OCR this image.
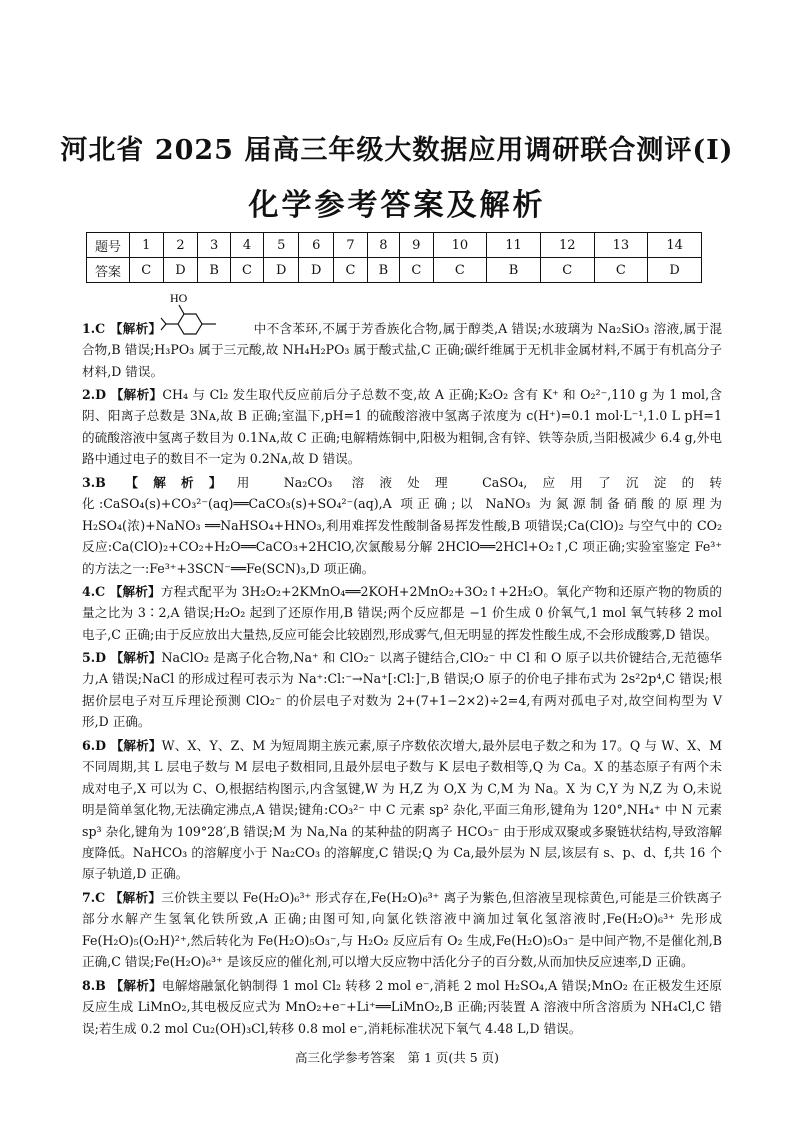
河北省 2025 届高三年级大数据应用调研联合测评(Ⅰ)
化学参考答案及解析
题号	1	2	3	4	5	6	7	8	9	10	11	12	13	14
答案	C	D	B	C	D	D	C	B	C	C	B	C	C	D
HO

1.C 【解析】	中不含苯环,不属于芳香族化合物,属于醇类,A 错误;水玻璃为 Na₂SiO₃ 溶液,属于混合物,B 错误;H₃PO₃ 属于三元酸,故 NH₄H₂PO₃ 属于酸式盐,C 正确;碳纤维属于无机非金属材料,不属于有机高分子材料,D 错误。

2.D 【解析】CH₄ 与 Cl₂ 发生取代反应前后分子总数不变,故 A 正确;K₂O₂ 含有 K⁺ 和 O₂²⁻,110 g 为 1 mol,含阴、阳离子总数是 3Nᴀ,故 B 正确;室温下,pH=1 的硫酸溶液中氢离子浓度为 c(H⁺)=0.1 mol·L⁻¹,1.0 L pH=1 的硫酸溶液中氢离子数目为 0.1Nᴀ,故 C 正确;电解精炼铜中,阳极为粗铜,含有锌、铁等杂质,当阳极减少 6.4 g,外电路中通过电子的数目不一定为 0.2Nᴀ,故 D 错误。

3.B 【解析】用 Na₂CO₃ 溶液处理 CaSO₄,应用了沉淀的转化:CaSO₄(s)+CO₃²⁻(aq)══CaCO₃(s)+SO₄²⁻(aq),A 项正确;以 NaNO₃ 为氮源制备硝酸的原理为 H₂SO₄(浓)+NaNO₃ ══NaHSO₄+HNO₃,利用难挥发性酸制备易挥发性酸,B 项错误;Ca(ClO)₂ 与空气中的 CO₂ 反应:Ca(ClO)₂+CO₂+H₂O══CaCO₃+2HClO,次氯酸易分解 2HClO══2HCl+O₂↑,C 项正确;实验室鉴定 Fe³⁺ 的方法之一:Fe³⁺+3SCN⁻══Fe(SCN)₃,D 项正确。

4.C 【解析】方程式配平为 3H₂O₂+2KMnO₄══2KOH+2MnO₂+3O₂↑+2H₂O。氧化产物和还原产物的物质的量之比为 3∶2,A 错误;H₂O₂ 起到了还原作用,B 错误;两个反应都是 −1 价生成 0 价氧气,1 mol 氧气转移 2 mol 电子,C 正确;由于反应放出大量热,反应可能会比较剧烈,形成雾气,但无明显的挥发性酸生成,不会形成酸雾,D 错误。

5.D 【解析】NaClO₂ 是离子化合物,Na⁺ 和 ClO₂⁻ 以离子键结合,ClO₂⁻ 中 Cl 和 O 原子以共价键结合,无范德华力,A 错误;NaCl 的形成过程可表示为 Na⁺:Cl:⁻→Na⁺[:Cl:]⁻,B 错误;O 原子的价电子排布式为 2s²2p⁴,C 错误;根据价层电子对互斥理论预测 ClO₂⁻ 的价层电子对数为 2+(7+1−2×2)÷2=4,有两对孤电子对,故空间构型为 V 形,D 正确。

6.D 【解析】W、X、Y、Z、M 为短周期主族元素,原子序数依次增大,最外层电子数之和为 17。Q 与 W、X、M 不同周期,其 L 层电子数与 M 层电子数相同,且最外层电子数与 K 层电子数相等,Q 为 Ca。X 的基态原子有两个未成对电子,X 可以为 C、O,根据结构图示,内含氢键,W 为 H,Z 为 O,X 为 C,M 为 Na。X 为 C,Y 为 N,Z 为 O,未说明是简单氢化物,无法确定沸点,A 错误;键角:CO₃²⁻ 中 C 元素 sp² 杂化,平面三角形,键角为 120°,NH₄⁺ 中 N 元素 sp³ 杂化,键角为 109°28′,B 错误;M 为 Na,Na 的某种盐的阴离子 HCO₃⁻ 由于形成双聚或多聚链状结构,导致溶解度降低。NaHCO₃ 的溶解度小于 Na₂CO₃ 的溶解度,C 错误;Q 为 Ca,最外层为 N 层,该层有 s、p、d、f,共 16 个原子轨道,D 正确。

7.C 【解析】三价铁主要以 Fe(H₂O)₆³⁺ 形式存在,Fe(H₂O)₆³⁺ 离子为紫色,但溶液呈现棕黄色,可能是三价铁离子部分水解产生氢氧化铁所致,A 正确;由图可知,向氯化铁溶液中滴加过氧化氢溶液时,Fe(H₂O)₆³⁺ 先形成 Fe(H₂O)₅(O₂H)²⁺,然后转化为 Fe(H₂O)₅O₃⁻,与 H₂O₂ 反应后有 O₂ 生成,Fe(H₂O)₅O₃⁻ 是中间产物,不是催化剂,B 正确,C 错误;Fe(H₂O)₆³⁺ 是该反应的催化剂,可以增大反应物中活化分子的百分数,从而加快反应速率,D 正确。

高三化学参考答案　第 1 页(共 5 页)

8.B 【解析】电解熔融氯化钠制得 1 mol Cl₂ 转移 2 mol e⁻,消耗 2 mol H₂SO₄,A 错误;MnO₂ 在正极发生还原反应生成 LiMnO₂,其电极反应式为 MnO₂+e⁻+Li⁺══LiMnO₂,B 正确;丙装置 A 溶液中所含溶质为 NH₄Cl,C 错误;若生成 0.2 mol Cu₂(OH)₃Cl,转移 0.8 mol e⁻,消耗标准状况下氧气 4.48 L,D 错误。
